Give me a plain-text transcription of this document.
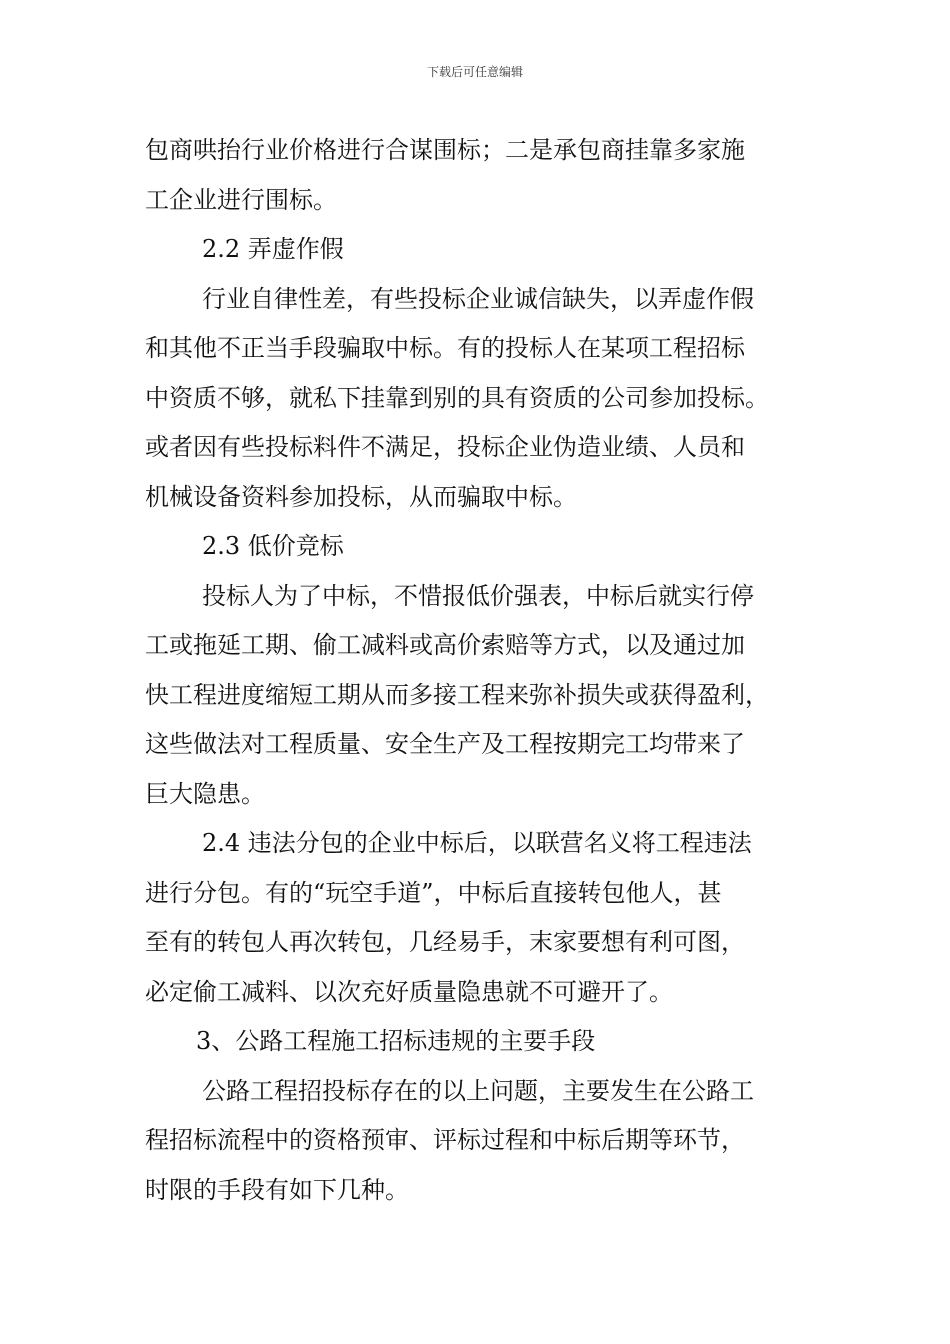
下载后可任意编辑
包商哄抬行业价格进行合谋围标；二是承包商挂靠多家施
工企业进行围标。
2.2 弄虚作假
行业自律性差，有些投标企业诚信缺失，以弄虚作假
和其他不正当手段骗取中标。有的投标人在某项工程招标
中资质不够，就私下挂靠到别的具有资质的公司参加投标。
或者因有些投标料件不满足，投标企业伪造业绩、人员和
机械设备资料参加投标，从而骗取中标。
2.3 低价竞标
投标人为了中标，不惜报低价强表，中标后就实行停
工或拖延工期、偷工减料或高价索赔等方式，以及通过加
快工程进度缩短工期从而多接工程来弥补损失或获得盈利，
这些做法对工程质量、安全生产及工程按期完工均带来了
巨大隐患。
2.4 违法分包的企业中标后，以联营名义将工程违法
进行分包。有的“玩空手道”，中标后直接转包他人，甚
至有的转包人再次转包，几经易手，末家要想有利可图，
必定偷工减料、以次充好质量隐患就不可避开了。
3、公路工程施工招标违规的主要手段
公路工程招投标存在的以上问题，主要发生在公路工
程招标流程中的资格预审、评标过程和中标后期等环节，
时限的手段有如下几种。
